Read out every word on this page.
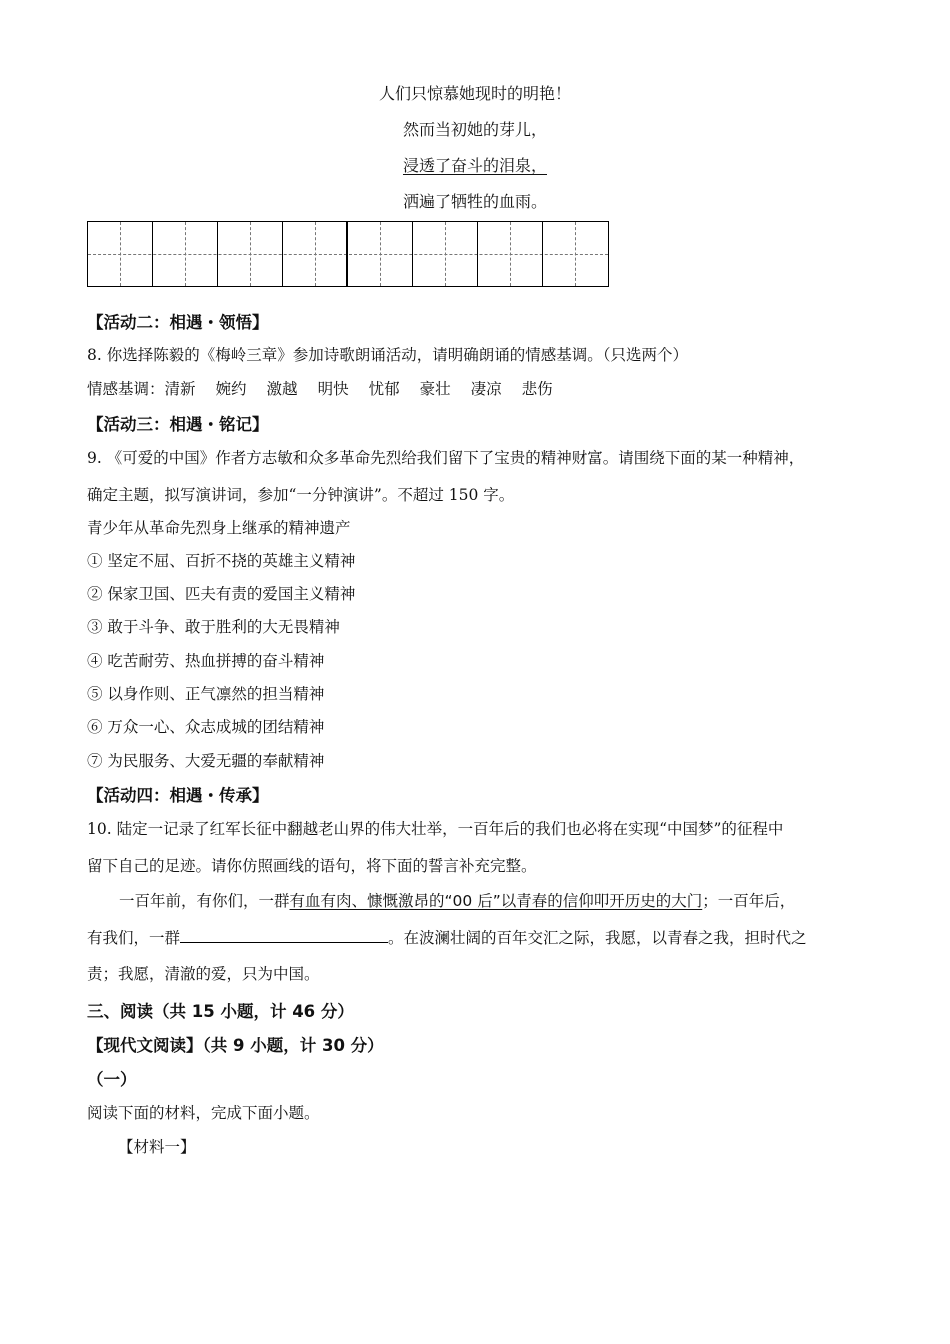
人们只惊慕她现时的明艳！
然而当初她的芽儿，
浸透了奋斗的泪泉，
洒遍了牺牲的血雨。
【活动二：相遇・领悟】
8. 你选择陈毅的《梅岭三章》参加诗歌朗诵活动，请明确朗诵的情感基调。（只选两个）
情感基调：清新 婉约 激越 明快 忧郁 豪壮 凄凉 悲伤
【活动三：相遇・铭记】
9. 《可爱的中国》作者方志敏和众多革命先烈给我们留下了宝贵的精神财富。请围绕下面的某一种精神，
确定主题，拟写演讲词，参加“一分钟演讲”。不超过 150 字。
青少年从革命先烈身上继承的精神遗产
① 坚定不屈、百折不挠的英雄主义精神
② 保家卫国、匹夫有责的爱国主义精神
③ 敢于斗争、敢于胜利的大无畏精神
④ 吃苦耐劳、热血拼搏的奋斗精神
⑤ 以身作则、正气凛然的担当精神
⑥ 万众一心、众志成城的团结精神
⑦ 为民服务、大爱无疆的奉献精神
【活动四：相遇・传承】
10. 陆定一记录了红军长征中翻越老山界的伟大壮举，一百年后的我们也必将在实现“中国梦”的征程中
留下自己的足迹。请你仿照画线的语句，将下面的誓言补充完整。
一百年前，有你们，一群有血有肉、慷慨激昂的“00 后”以青春的信仰叩开历史的大门；一百年后，
有我们，一群	。在波澜壮阔的百年交汇之际，我愿，以青春之我，担时代之
责；我愿，清澈的爱，只为中国。
三、阅读（共 15 小题，计 46 分）
【现代文阅读】（共 9 小题，计 30 分）
（一）
阅读下面的材料，完成下面小题。
【材料一】
